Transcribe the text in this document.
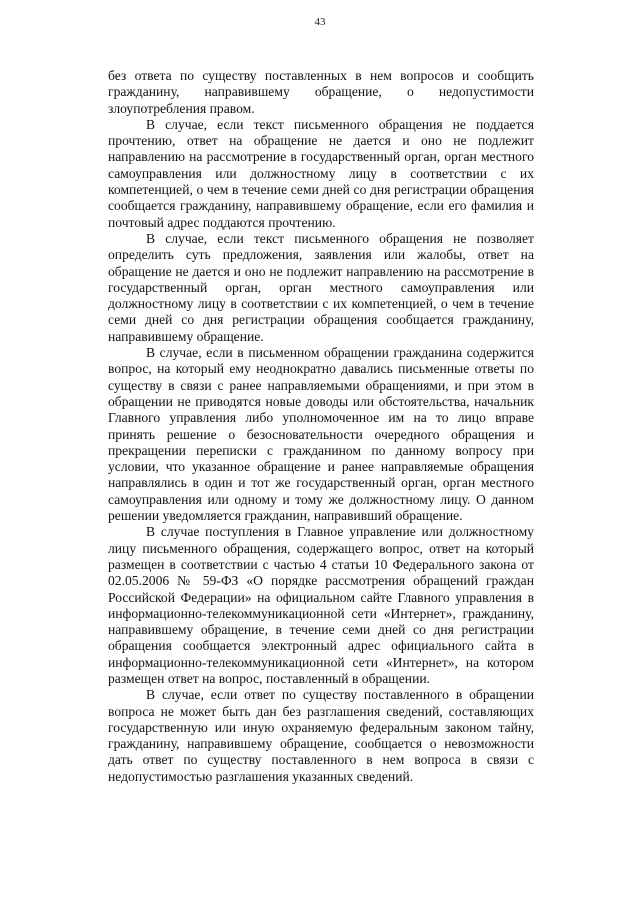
43

без ответа по существу поставленных в нем вопросов и сообщить гражданину, направившему обращение, о недопустимости злоупотребления правом.

В случае, если текст письменного обращения не поддается прочтению, ответ на обращение не дается и оно не подлежит направлению на рассмотрение в государственный орган, орган местного самоуправления или должностному лицу в соответствии с их компетенцией, о чем в течение семи дней со дня регистрации обращения сообщается гражданину, направившему обращение, если его фамилия и почтовый адрес поддаются прочтению.

В случае, если текст письменного обращения не позволяет определить суть предложения, заявления или жалобы, ответ на обращение не дается и оно не подлежит направлению на рассмотрение в государственный орган, орган местного самоуправления или должностному лицу в соответствии с их компетенцией, о чем в течение семи дней со дня регистрации обращения сообщается гражданину, направившему обращение.

В случае, если в письменном обращении гражданина содержится вопрос, на который ему неоднократно давались письменные ответы по существу в связи с ранее направляемыми обращениями, и при этом в обращении не приводятся новые доводы или обстоятельства, начальник Главного управления либо уполномоченное им на то лицо вправе принять решение о безосновательности очередного обращения и прекращении переписки с гражданином по данному вопросу при условии, что указанное обращение и ранее направляемые обращения направлялись в один и тот же государственный орган, орган местного самоуправления или одному и тому же должностному лицу. О данном решении уведомляется гражданин, направивший обращение.

В случае поступления в Главное управление или должностному лицу письменного обращения, содержащего вопрос, ответ на который размещен в соответствии с частью 4 статьи 10 Федерального закона от 02.05.2006 № 59-ФЗ «О порядке рассмотрения обращений граждан Российской Федерации» на официальном сайте Главного управления в информационно-телекоммуникационной сети «Интернет», гражданину, направившему обращение, в течение семи дней со дня регистрации обращения сообщается электронный адрес официального сайта в информационно-телекоммуникационной сети «Интернет», на котором размещен ответ на вопрос, поставленный в обращении.

В случае, если ответ по существу поставленного в обращении вопроса не может быть дан без разглашения сведений, составляющих государственную или иную охраняемую федеральным законом тайну, гражданину, направившему обращение, сообщается о невозможности дать ответ по существу поставленного в нем вопроса в связи с недопустимостью разглашения указанных сведений.
